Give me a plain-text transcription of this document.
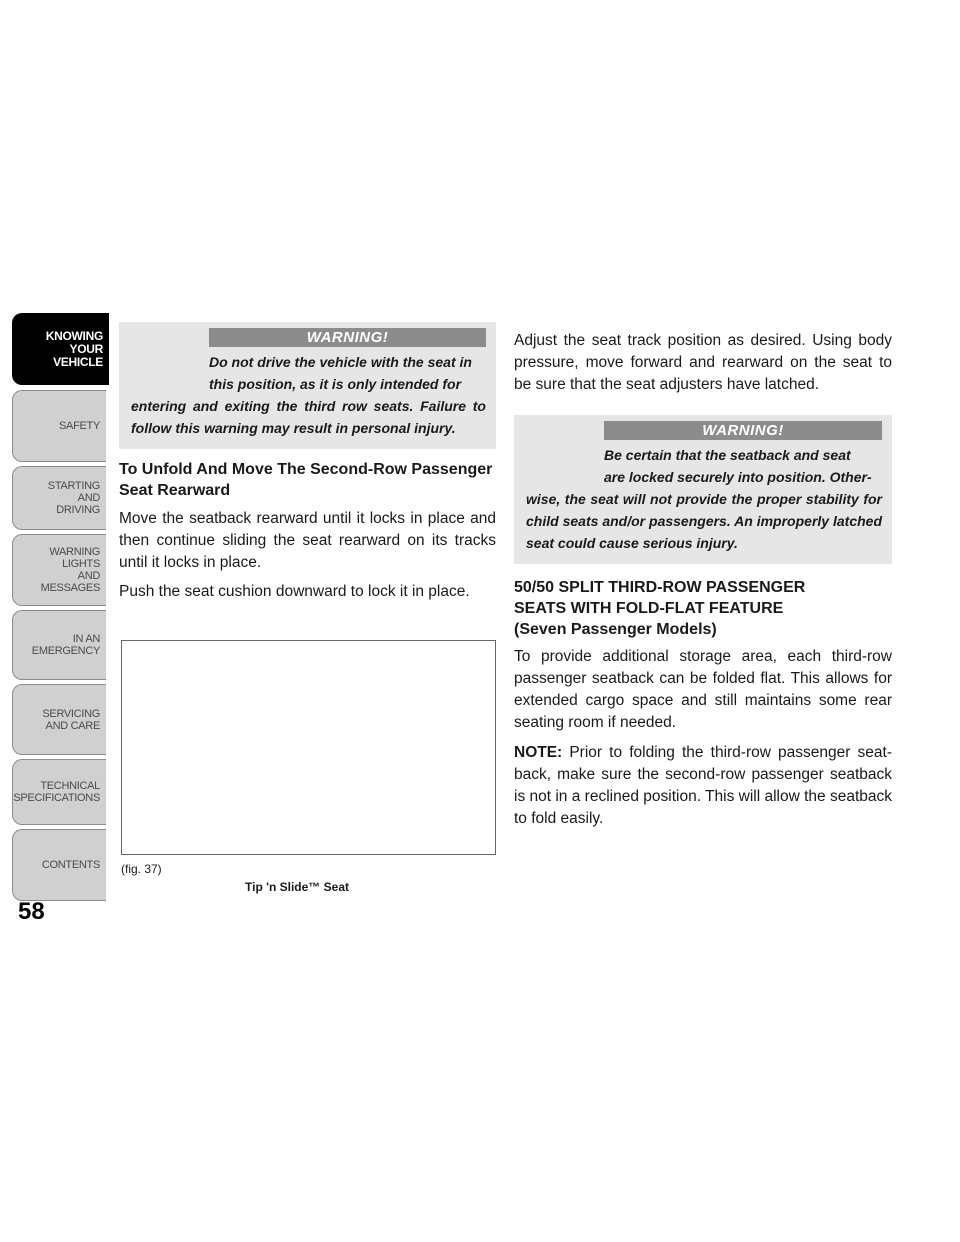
KNOWING
YOUR
VEHICLE
SAFETY
STARTING
AND
DRIVING
WARNING
LIGHTS
AND
MESSAGES
IN AN
EMERGENCY
SERVICING
AND CARE
TECHNICAL
SPECIFICATIONS
CONTENTS
58
WARNING!
Do not drive the vehicle with the seat in
this position, as it is only intended for
entering and exiting the third row seats. Failure to follow this warning may result in personal injury.
To Unfold And Move The Second-Row Passenger Seat Rearward

Move the seatback rearward until it locks in place and then continue sliding the seat rearward on its tracks until it locks in place.

Push the seat cushion downward to lock it in place.

(fig. 37)
Tip 'n Slide™ Seat

Adjust the seat track position as desired. Using body pressure, move forward and rearward on the seat to be sure that the seat adjusters have latched.

WARNING!
Be certain that the seatback and seat
are locked securely into position. Other-
wise, the seat will not provide the proper stability for child seats and/or passengers. An improperly latched seat could cause serious injury.
50/50 SPLIT THIRD-ROW PASSENGER
SEATS WITH FOLD-FLAT FEATURE
(Seven Passenger Models)

To provide additional storage area, each third-row passenger seatback can be folded flat. This allows for extended cargo space and still maintains some rear seating room if needed.

NOTE: Prior to folding the third-row passenger seat-back, make sure the second-row passenger seatback is not in a reclined position. This will allow the seatback to fold easily.
